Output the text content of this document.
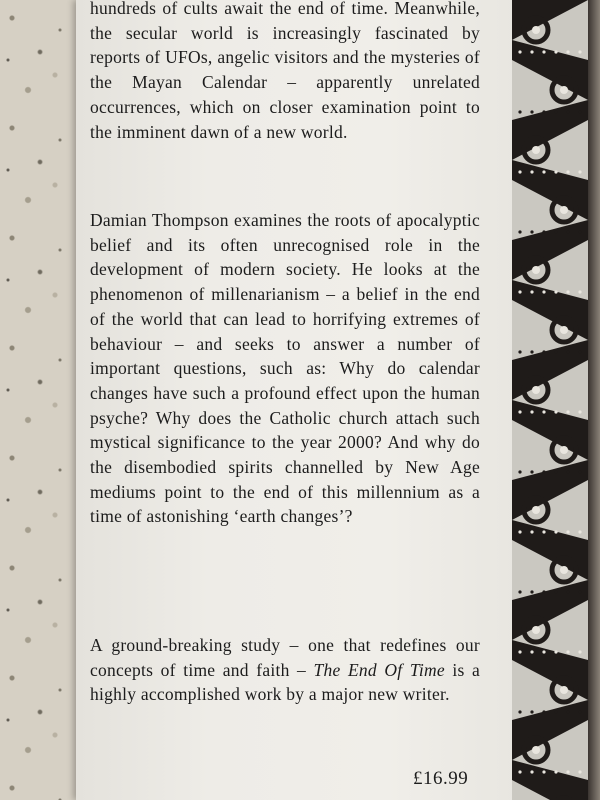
hundreds of cults await the end of time. Meanwhile, the secular world is increasingly fascinated by reports of UFOs, angelic visitors and the mysteries of the Mayan Calendar – apparently unrelated occurrences, which on closer examination point to the imminent dawn of a new world.

Damian Thompson examines the roots of apocalyptic belief and its often unrecognised role in the development of modern society. He looks at the phenomenon of millenarianism – a belief in the end of the world that can lead to horrifying extremes of behaviour – and seeks to answer a number of important questions, such as: Why do calendar changes have such a profound effect upon the human psyche? Why does the Catholic church attach such mystical significance to the year 2000? And why do the disembodied spirits channelled by New Age mediums point to the end of this millennium as a time of astonishing ‘earth changes’?

A ground-breaking study – one that redefines our concepts of time and faith – The End Of Time is a highly accomplished work by a major new writer.

£16.99
